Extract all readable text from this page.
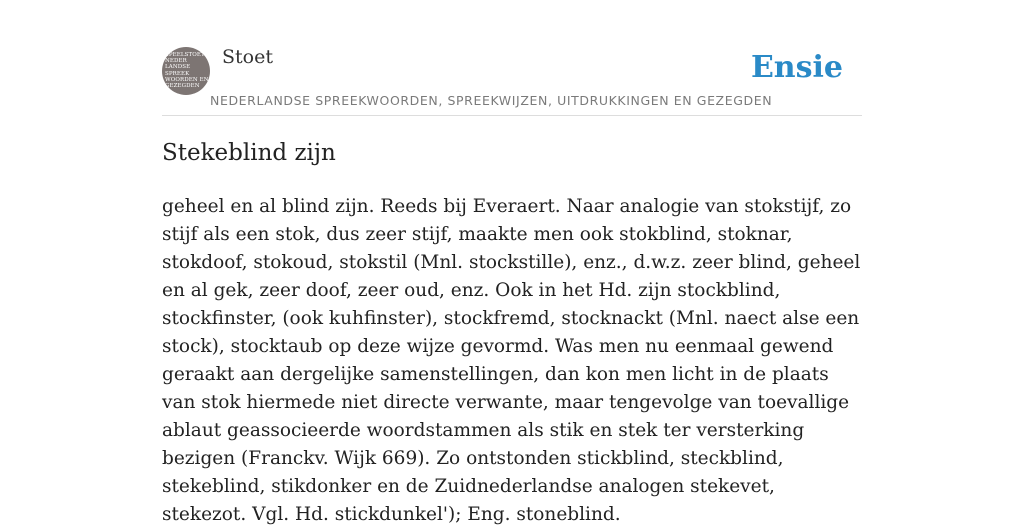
SPEELSTOET
NEDER
LANDSE
SPREEK
WOORDEN EN
GEZEGDEN
Stoet
NEDERLANDSE SPREEKWOORDEN, SPREEKWIJZEN, UITDRUKKINGEN EN GEZEGDEN
Ensie
Stekeblind zijn

geheel en al blind zijn. Reeds bij Everaert. Naar analogie van stokstijf, zo stijf als een stok, dus zeer stijf, maakte men ook stokblind, stoknar, stokdoof, stokoud, stokstil (Mnl. stockstille), enz., d.w.z. zeer blind, geheel en al gek, zeer doof, zeer oud, enz. Ook in het Hd. zijn stockblind, stockfinster, (ook kuhfinster), stockfremd, stocknackt (Mnl. naect alse een stock), stocktaub op deze wijze gevormd. Was men nu eenmaal gewend geraakt aan dergelijke samenstellingen, dan kon men licht in de plaats van stok hiermede niet directe verwante, maar tengevolge van toevallige ablaut geassocieerde woordstammen als stik en stek ter versterking bezigen (Franckv. Wijk 669). Zo ontstonden stickblind, steckblind, stekeblind, stikdonker en de Zuidnederlandse analogen stekevet, stekezot. Vgl. Hd. stickdunkel'); Eng. stoneblind.
